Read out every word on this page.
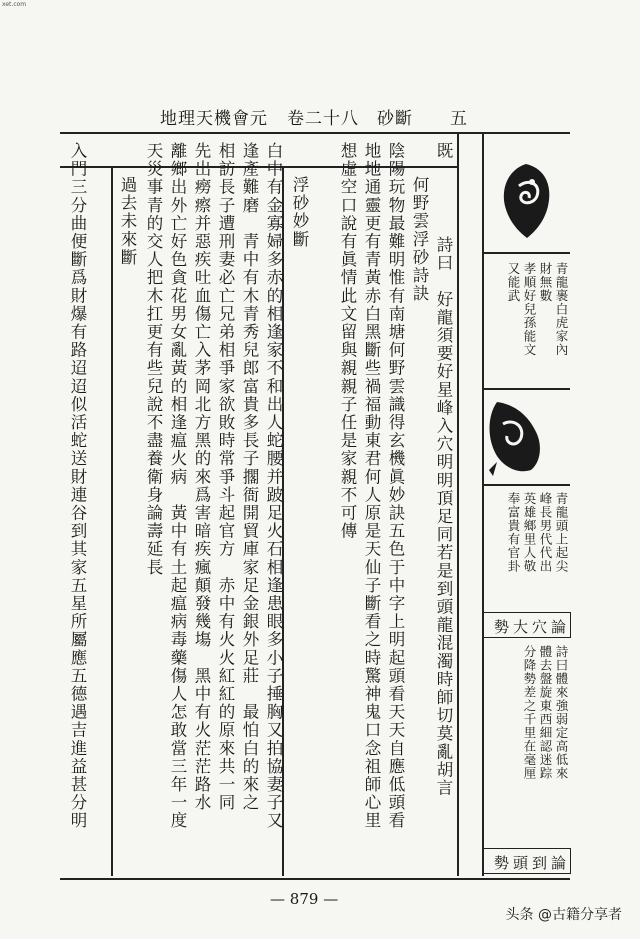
xet.com
地理天機會元 卷二十八 砂斷 五
既
詩曰　好龍須要好星峰入穴明明頂足同若是到頭龍混濁時師切莫亂胡言
何野雲浮砂詩訣
陰陽玩物最難明惟有南塘何野雲識得玄機眞妙訣五色于中字上明起頭看天天自應低頭看
地地通靈更有青黃赤白黑斷些禍福動東君何人原是天仙子斷看之時驚神鬼口念祖師心里
想虛空口說有眞情此文留與親親子任是家親不可傳
浮砂妙斷
白中有金寡婦多赤的相逢家不和出人蛇腰并跛足火石相逢患眼多小子捶胸又拍協妻子又
逢產難磨　青中有木青秀兒郎富貴多長子擱衙開貿庫家足金銀外足莊　最怕白的來之
相訪長子遭刑妻必亡兄弟相爭家欲敗時常爭斗起官方　赤中有火火紅紅的原來共一同
先出癆瘵并惡疾吐血傷亡入茅岡北方黑的來爲害暗疾瘋顛發幾塲　黑中有火茫茫路水
離鄉出外亡好色貪花男女亂黃的相逢瘟火病　黃中有土起瘟病毒藥傷人怎敢當三年一度
天災事青的交人把木扛更有些兒說不盡養衛身論壽延長
過去未來斷
入門三分曲便斷爲財爆有路迢迢似活蛇送財連谷到其家五星所屬應五德遇吉進益甚分明	青龍裹白虎家內
財無數
孝順好兒孫能文
又能武
青龍頭上起尖
峰長男代代出
英雄鄉里人敬
奉富貴有官卦
論穴大勢
詩曰體來強弱定高低來
體去盤旋東西細認迷踪
分降勢差之千里在毫厘
論到頭勢
— 879 —
头条 @古籍分享者
